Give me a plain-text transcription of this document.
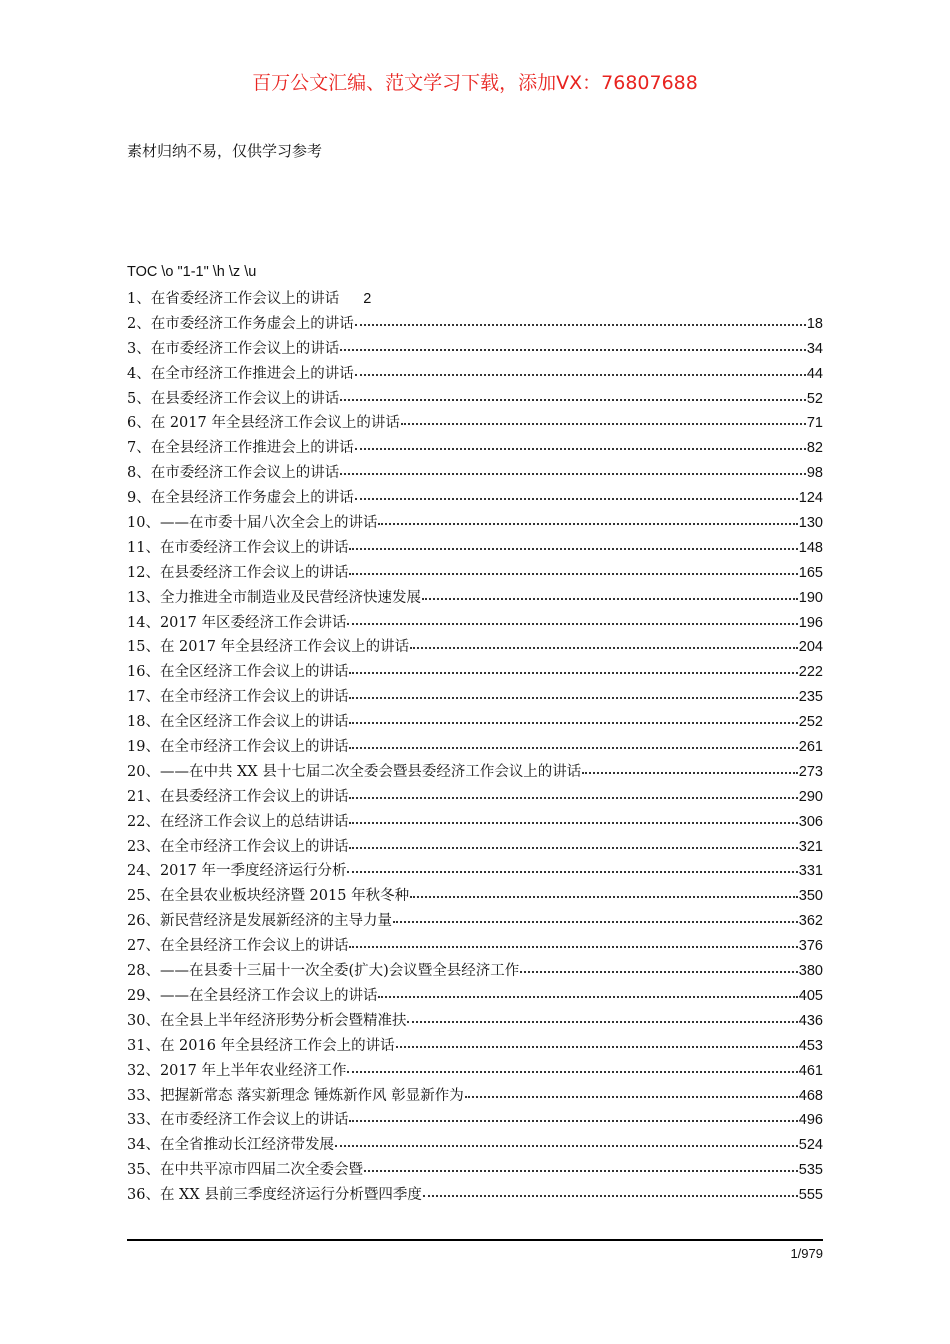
百万公文汇编、范文学习下载，添加VX：76807688
素材归纳不易，仅供学习参考
TOC \o "1-1" \h \z \u
1、在省委经济工作会议上的讲话 2
2、在市委经济工作务虚会上的讲话	18
3、在市委经济工作会议上的讲话	34
4、在全市经济工作推进会上的讲话	44
5、在县委经济工作会议上的讲话	52
6、在 2017 年全县经济工作会议上的讲话	71
7、在全县经济工作推进会上的讲话	82
8、在市委经济工作会议上的讲话	98
9、在全县经济工作务虚会上的讲话	124
10、——在市委十届八次全会上的讲话	130
11、在市委经济工作会议上的讲话	148
12、在县委经济工作会议上的讲话	165
13、全力推进全市制造业及民营经济快速发展	190
14、2017 年区委经济工作会讲话	196
15、在 2017 年全县经济工作会议上的讲话	204
16、在全区经济工作会议上的讲话	222
17、在全市经济工作会议上的讲话	235
18、在全区经济工作会议上的讲话	252
19、在全市经济工作会议上的讲话	261
20、——在中共 XX 县十七届二次全委会暨县委经济工作会议上的讲话	273
21、在县委经济工作会议上的讲话	290
22、在经济工作会议上的总结讲话	306
23、在全市经济工作会议上的讲话	321
24、2017 年一季度经济运行分析	331
25、在全县农业板块经济暨 2015 年秋冬种	350
26、新民营经济是发展新经济的主导力量	362
27、在全县经济工作会议上的讲话	376
28、——在县委十三届十一次全委(扩大)会议暨全县经济工作	380
29、——在全县经济工作会议上的讲话	405
30、在全县上半年经济形势分析会暨精准扶	436
31、在 2016 年全县经济工作会上的讲话	453
32、2017 年上半年农业经济工作	461
33、把握新常态 落实新理念 锤炼新作风 彰显新作为	468
33、在市委经济工作会议上的讲话	496
34、在全省推动长江经济带发展	524
35、在中共平凉市四届二次全委会暨	535
36、在 XX 县前三季度经济运行分析暨四季度	555
1/979
